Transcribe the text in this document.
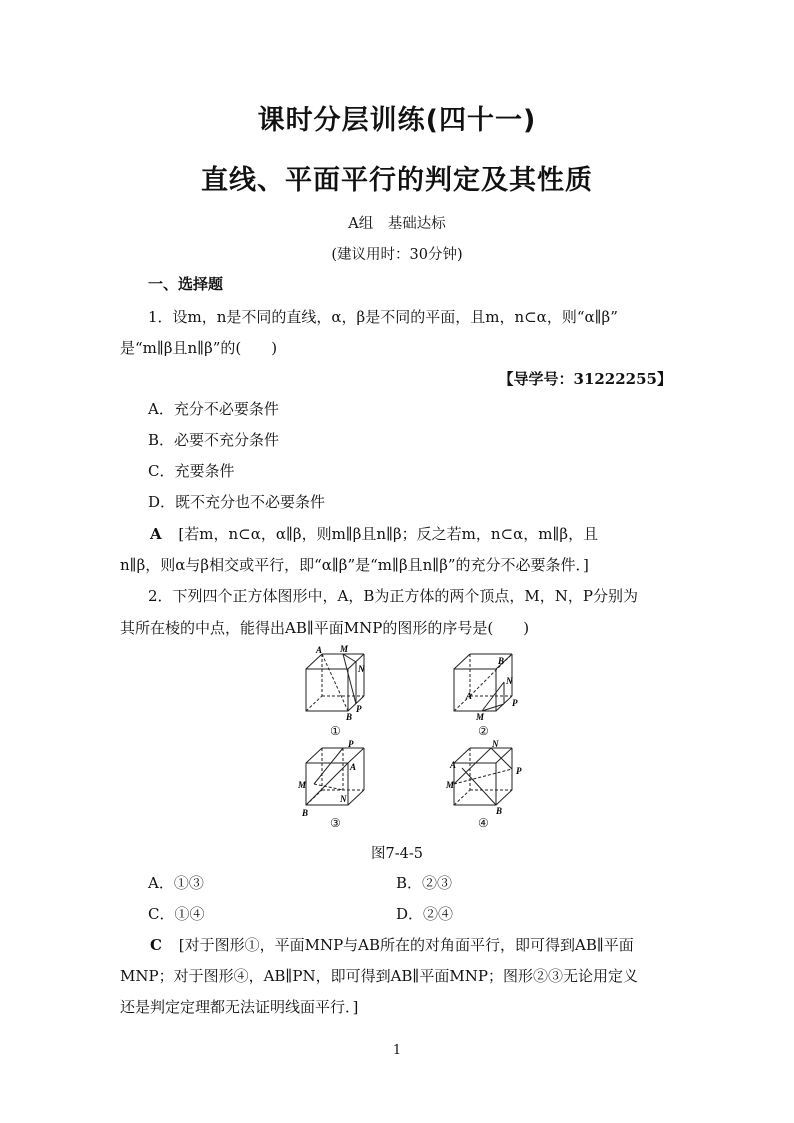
课时分层训练(四十一)
直线、平面平行的判定及其性质
A组　基础达标
(建议用时：30分钟)
一、选择题
1．设m，n是不同的直线，α，β是不同的平面，且m，n⊂α，则“α∥β”
是“m∥β且n∥β”的(　　)
【导学号：31222255】
A．充分不必要条件
B．必要不充分条件
C．充要条件
D．既不充分也不必要条件
A [若m，n⊂α，α∥β，则m∥β且n∥β；反之若m，n⊂α，m∥β，且
n∥β，则α与β相交或平行，即“α∥β”是“m∥β且n∥β”的充分不必要条件．]
2．下列四个正方体图形中，A，B为正方体的两个顶点，M，N，P分别为
其所在棱的中点，能得出AB∥平面MNP的图形的序号是(　　)
A M
N
P
B
①
B
A
N
P
M
②
P
A
M
N
B
③
N
A
P
M
B
④
图7-4-5
A．①③	B．②③
C．①④	D．②④
C [对于图形①，平面MNP与AB所在的对角面平行，即可得到AB∥平面
MNP；对于图形④，AB∥PN，即可得到AB∥平面MNP；图形②③无论用定义
还是判定定理都无法证明线面平行．]
1
